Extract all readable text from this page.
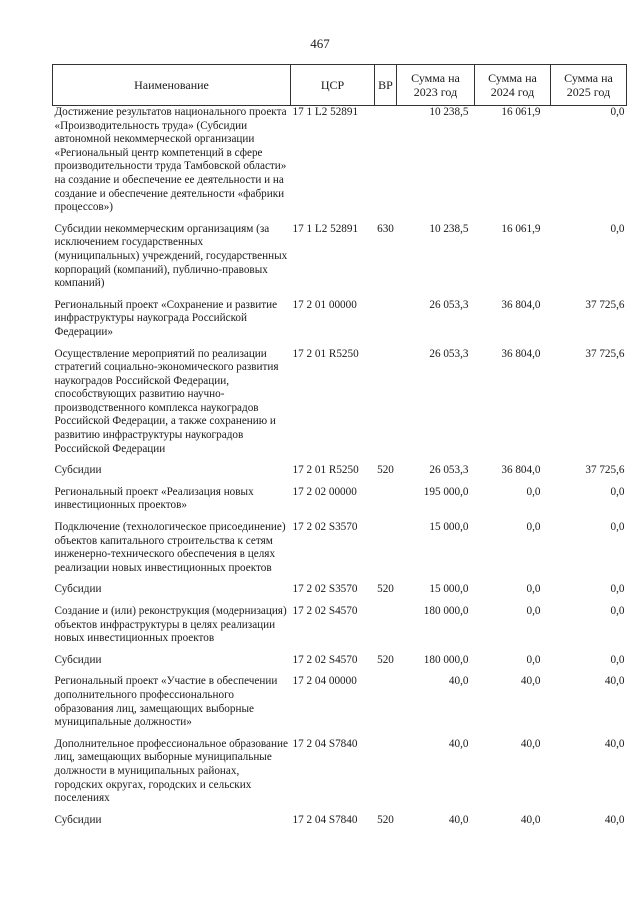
467
Наименование	ЦСР	ВР	Сумма на 2023 год	Сумма на 2024 год	Сумма на 2025 год
Достижение результатов национального проекта «Производительность труда» (Субсидии автономной некоммерческой организации «Региональный центр компетенций в сфере производительности труда Тамбовской области» на создание и обеспечение ее деятельности и на создание и обеспечение деятельности «фабрики процессов»)	17 1 L2 52891		10 238,5	16 061,9	0,0
Субсидии некоммерческим организациям (за исключением государственных (муниципальных) учреждений, государственных корпораций (компаний), публично-правовых компаний)	17 1 L2 52891	630	10 238,5	16 061,9	0,0
Региональный проект «Сохранение и развитие инфраструктуры наукограда Российской Федерации»	17 2 01 00000		26 053,3	36 804,0	37 725,6
Осуществление мероприятий по реализации стратегий социально-экономического развития наукоградов Российской Федерации, способствующих развитию научно-производственного комплекса наукоградов Российской Федерации, а также сохранению и развитию инфраструктуры наукоградов Российской Федерации	17 2 01 R5250		26 053,3	36 804,0	37 725,6
Субсидии	17 2 01 R5250	520	26 053,3	36 804,0	37 725,6
Региональный проект «Реализация новых инвестиционных проектов»	17 2 02 00000		195 000,0	0,0	0,0
Подключение (технологическое присоединение) объектов капитального строительства к сетям инженерно-технического обеспечения в целях реализации новых инвестиционных проектов	17 2 02 S3570		15 000,0	0,0	0,0
Субсидии	17 2 02 S3570	520	15 000,0	0,0	0,0
Создание и (или) реконструкция (модернизация) объектов инфраструктуры в целях реализации новых инвестиционных проектов	17 2 02 S4570		180 000,0	0,0	0,0
Субсидии	17 2 02 S4570	520	180 000,0	0,0	0,0
Региональный проект «Участие в обеспечении дополнительного профессионального образования лиц, замещающих выборные муниципальные должности»	17 2 04 00000		40,0	40,0	40,0
Дополнительное профессиональное образование лиц, замещающих выборные муниципальные должности в муниципальных районах, городских округах, городских и сельских поселениях	17 2 04 S7840		40,0	40,0	40,0
Субсидии	17 2 04 S7840	520	40,0	40,0	40,0
